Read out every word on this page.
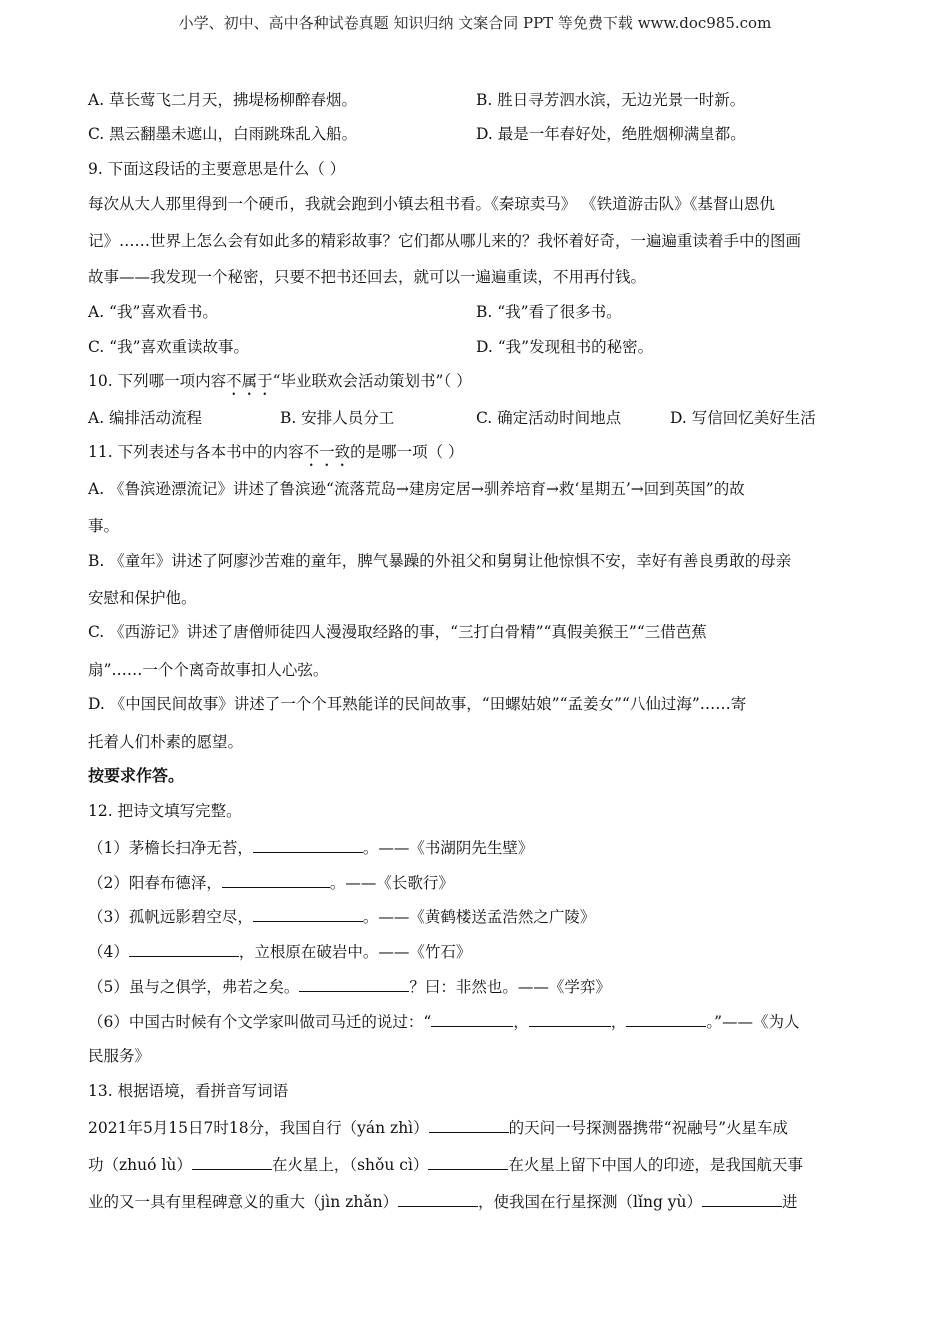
小学、初中、高中各种试卷真题 知识归纳 文案合同 PPT 等免费下载 www.doc985.com
A. 草长莺飞二月天，拂堤杨柳醉春烟。	B. 胜日寻芳泗水滨，无边光景一时新。
C. 黑云翻墨未遮山，白雨跳珠乱入船。	D. 最是一年春好处，绝胜烟柳满皇都。
9. 下面这段话的主要意思是什么（ ）
每次从大人那里得到一个硬币，我就会跑到小镇去租书看。《秦琼卖马》 《铁道游击队》《基督山恩仇
记》……世界上怎么会有如此多的精彩故事？它们都从哪儿来的？我怀着好奇，一遍遍重读着手中的图画
故事——我发现一个秘密，只要不把书还回去，就可以一遍遍重读，不用再付钱。
A. “我”喜欢看书。	B. “我”看了很多书。
C. “我”喜欢重读故事。	D. “我”发现租书的秘密。
10. 下列哪一项内容不属于“毕业联欢会活动策划书”（ ）
A. 编排活动流程	B. 安排人员分工	C. 确定活动时间地点	D. 写信回忆美好生活
11. 下列表述与各本书中的内容不一致的是哪一项（ ）
A. 《鲁滨逊漂流记》讲述了鲁滨逊“流落荒岛→建房定居→驯养培育→救‘星期五’→回到英国”的故
事。
B. 《童年》讲述了阿廖沙苦难的童年，脾气暴躁的外祖父和舅舅让他惊惧不安，幸好有善良勇敢的母亲
安慰和保护他。
C. 《西游记》讲述了唐僧师徒四人漫漫取经路的事，“三打白骨精”“真假美猴王”“三借芭蕉
扇”……一个个离奇故事扣人心弦。
D. 《中国民间故事》讲述了一个个耳熟能详的民间故事，“田螺姑娘”“孟姜女”“八仙过海”……寄
托着人们朴素的愿望。
按要求作答。
12. 把诗文填写完整。
（1）茅檐长扫净无苔，	。——《书湖阴先生壁》
（2）阳春布德泽，	。——《长歌行》
（3）孤帆远影碧空尽，	。——《黄鹤楼送孟浩然之广陵》
（4）	，立根原在破岩中。——《竹石》
（5）虽与之俱学，弗若之矣。	？曰：非然也。——《学弈》
（6）中国古时候有个文学家叫做司马迁的说过：“	，	，	。”——《为人
民服务》
13. 根据语境，看拼音写词语
2021年5月15日7时18分，我国自行（yán zhì）	的天问一号探测器携带“祝融号”火星车成
功（zhuó lù）	在火星上，（shǒu cì）	在火星上留下中国人的印迹，是我国航天事
业的又一具有里程碑意义的重大（jìn zhǎn）	，使我国在行星探测（lǐng yù）	进
